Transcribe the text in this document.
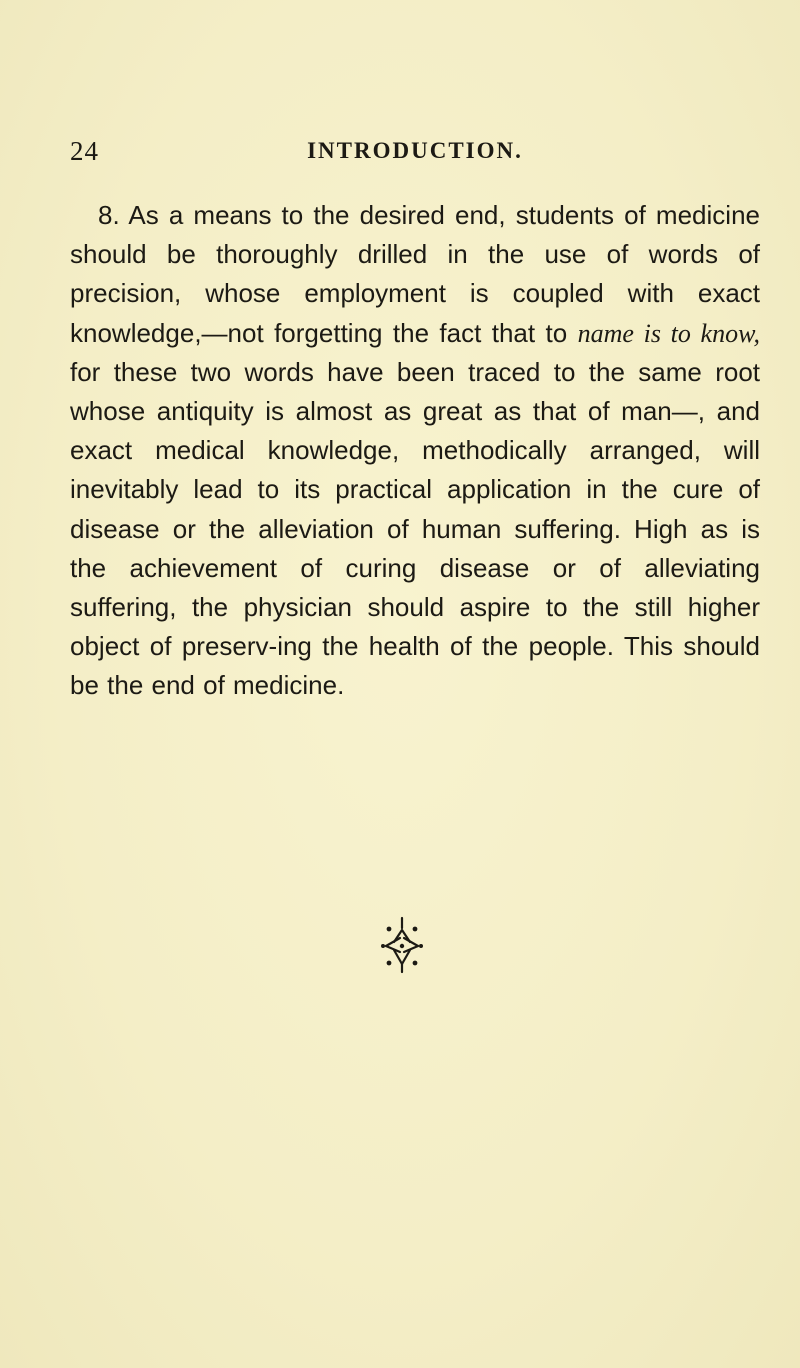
24	INTRODUCTION.

8. As a means to the desired end, students of medicine should be thoroughly drilled in the use of words of precision, whose employment is coupled with exact knowledge,—not forgetting the fact that to name is to know, for these two words have been traced to the same root whose antiquity is almost as great as that of man—, and exact medical knowledge, methodically arranged, will inevitably lead to its practical application in the cure of disease or the alleviation of human suffering. High as is the achievement of curing disease or of alleviating suffering, the physician should aspire to the still higher object of preserv-ing the health of the people. This should be the end of medicine.
